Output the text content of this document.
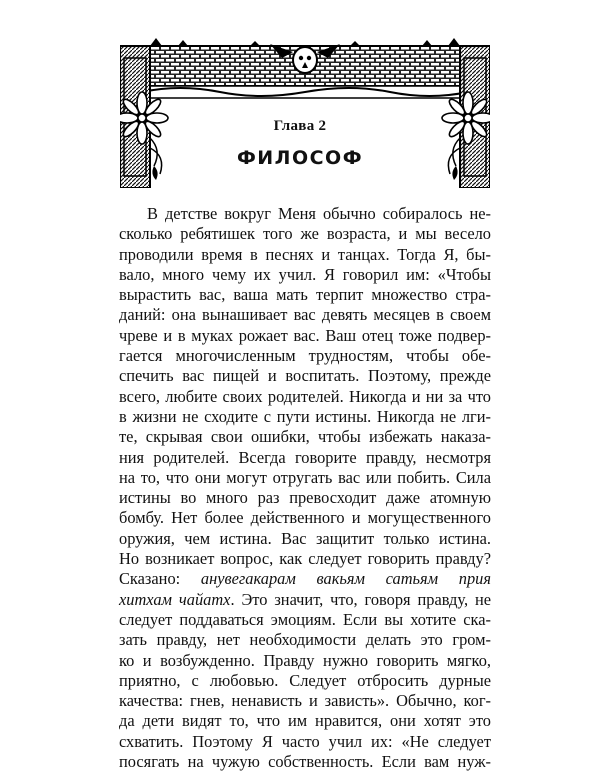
Глава 2
ФИЛОСОФ
В детстве вокруг Меня обычно собиралось не-
сколько ребятишек того же возраста, и мы весело
проводили время в песнях и танцах. Тогда Я, бы-
вало, много чему их учил. Я говорил им: «Чтобы
вырастить вас, ваша мать терпит множество стра-
даний: она вынашивает вас девять месяцев в своем
чреве и в муках рожает вас. Ваш отец тоже подвер-
гается многочисленным трудностям, чтобы обе-
спечить вас пищей и воспитать. Поэтому, прежде
всего, любите своих родителей. Никогда и ни за что
в жизни не сходите с пути истины. Никогда не лги-
те, скрывая свои ошибки, чтобы избежать наказа-
ния родителей. Всегда говорите правду, несмотря
на то, что они могут отругать вас или побить. Сила
истины во много раз превосходит даже атомную
бомбу. Нет более действенного и могущественного
оружия, чем истина. Вас защитит только истина.
Но возникает вопрос, как следует говорить правду?
Сказано: анувегакарам вакьям сатьям прия
хитхам чайатх. Это значит, что, говоря правду, не
следует поддаваться эмоциям. Если вы хотите ска-
зать правду, нет необходимости делать это гром-
ко и возбужденно. Правду нужно говорить мягко,
приятно, с любовью. Следует отбросить дурные
качества: гнев, ненависть и зависть». Обычно, ког-
да дети видят то, что им нравится, они хотят это
схватить. Поэтому Я часто учил их: «Не следует
посягать на чужую собственность. Если вам нуж-
